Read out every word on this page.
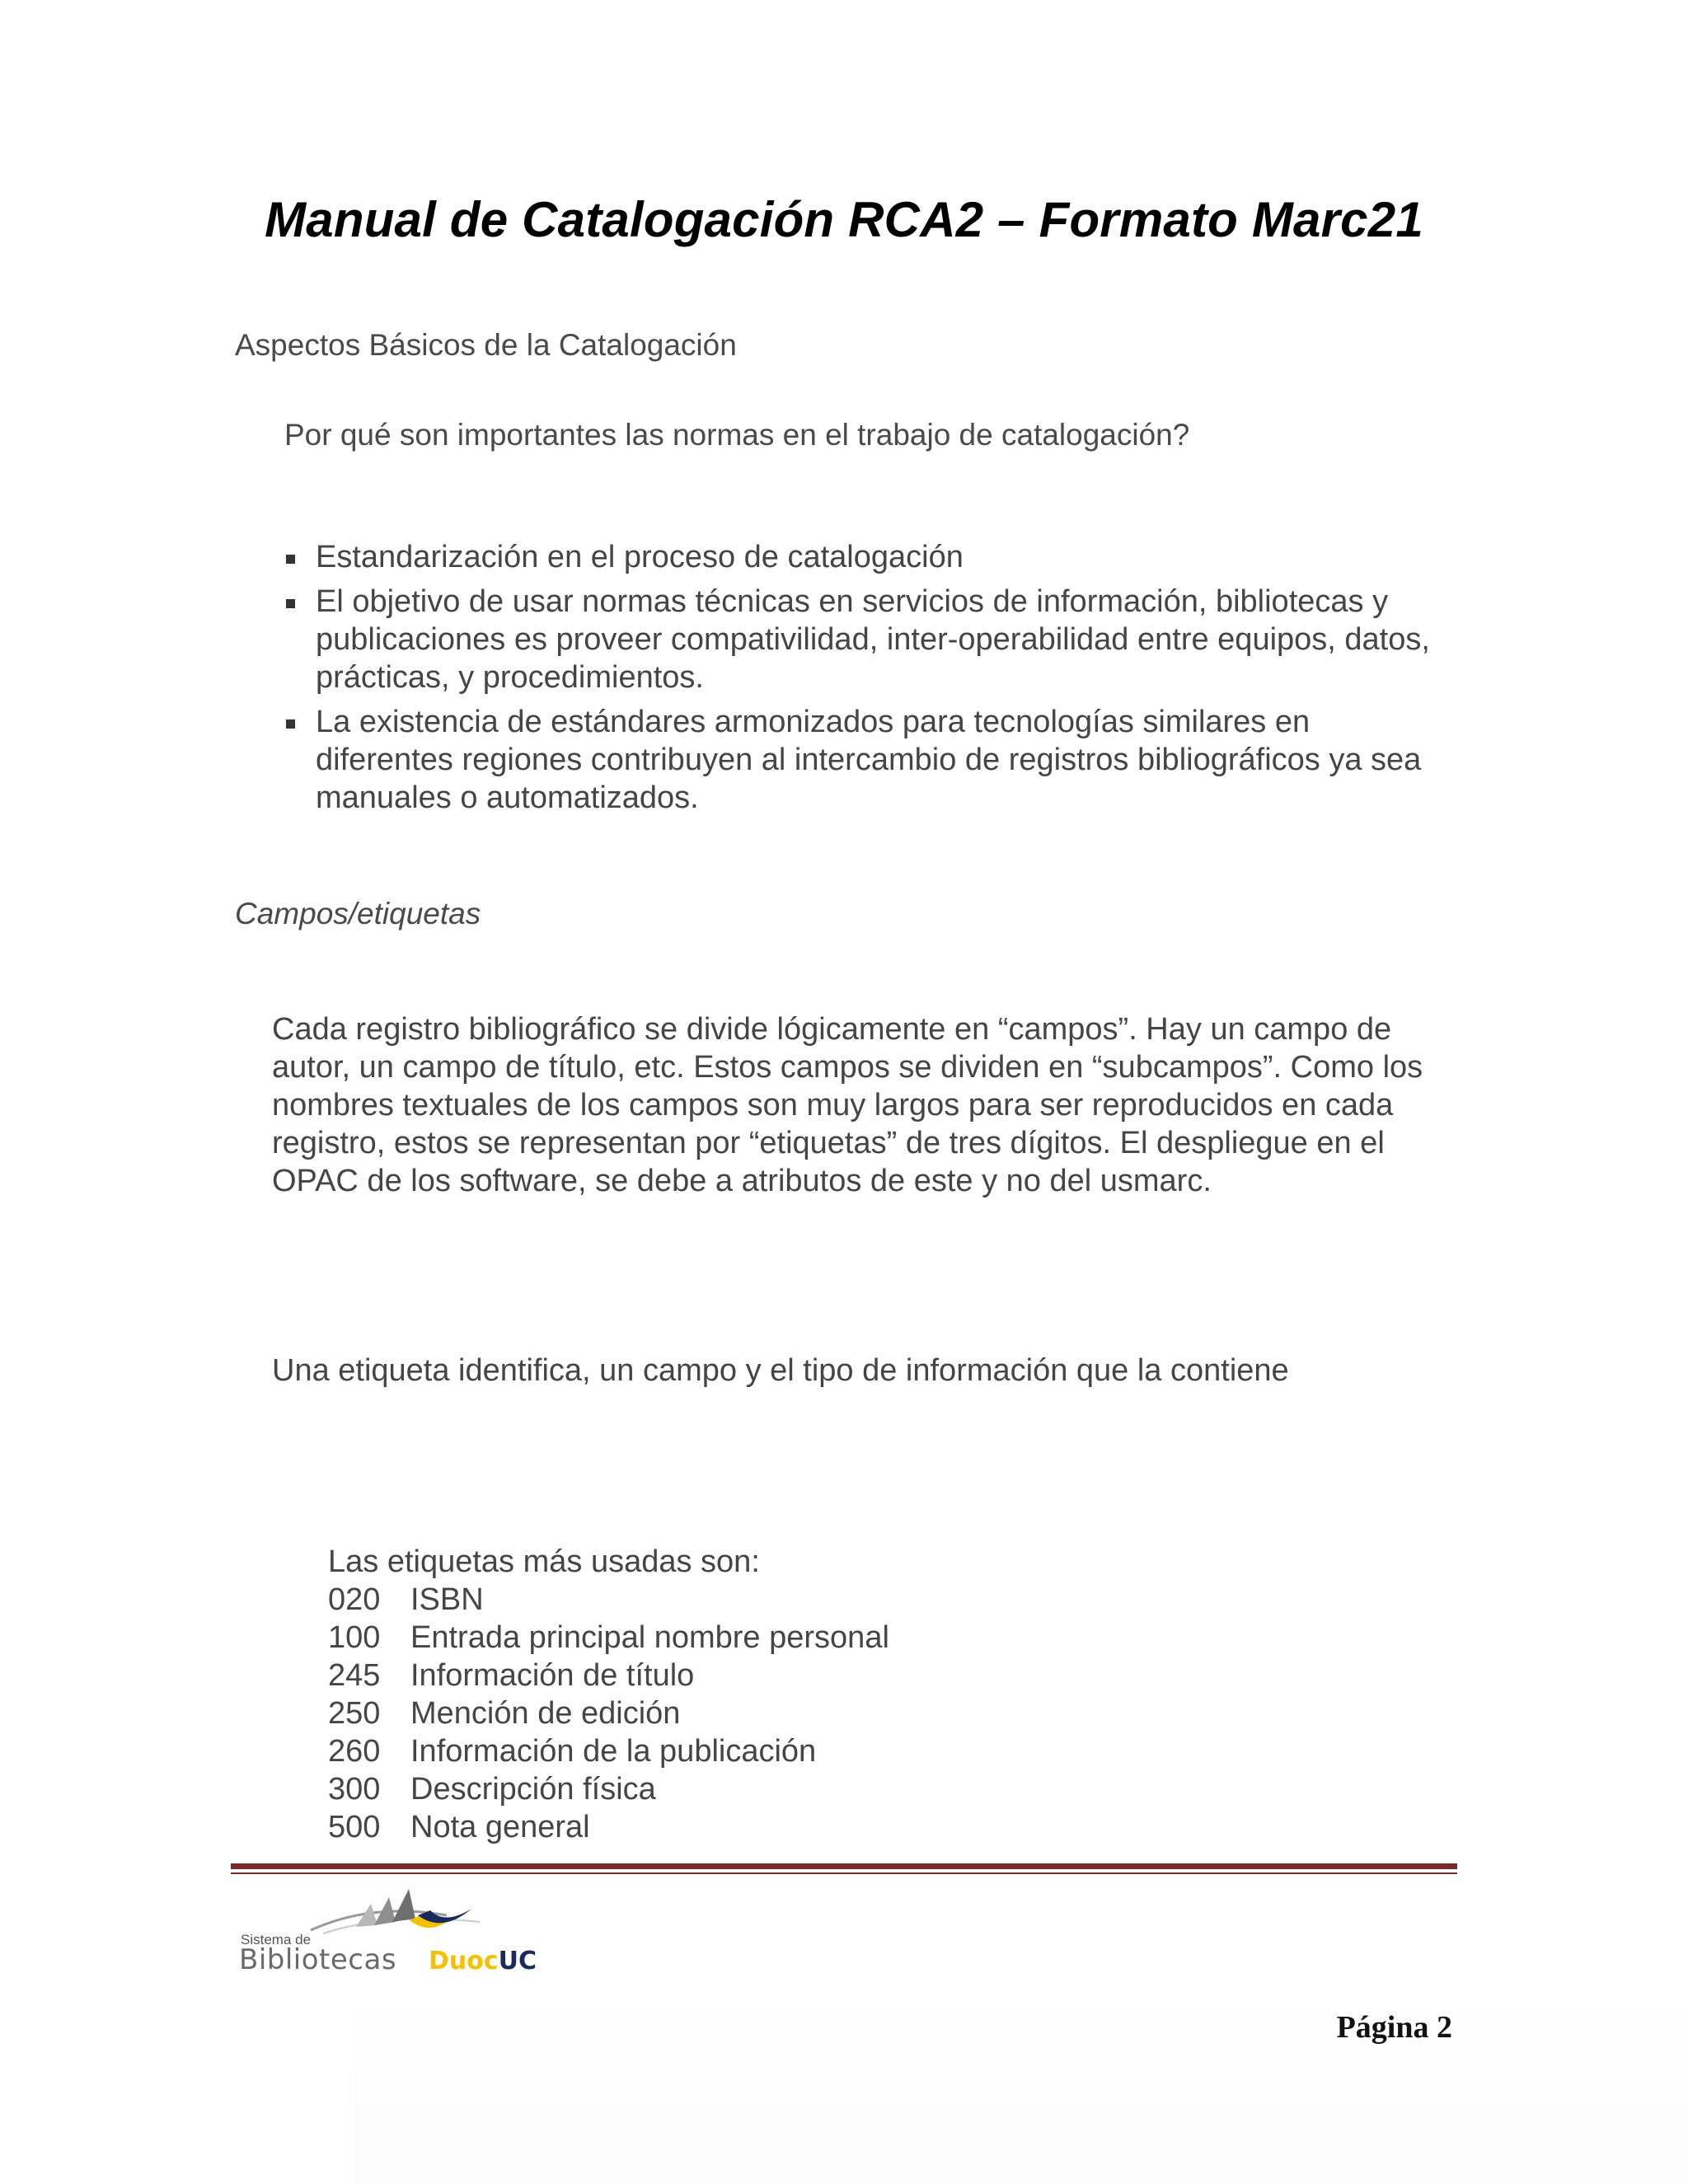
Manual de Catalogación RCA2 – Formato Marc21
Aspectos Básicos de la Catalogación
Por qué son importantes las normas en el trabajo de catalogación?
Estandarización en el proceso de catalogación
El objetivo de usar normas técnicas en servicios de información, bibliotecas y publicaciones es proveer compativilidad, inter-operabilidad entre equipos, datos, prácticas, y procedimientos.
La existencia de estándares armonizados para tecnologías similares en diferentes regiones contribuyen al intercambio de registros bibliográficos ya sea manuales o automatizados.
Campos/etiquetas
Cada registro bibliográfico se divide lógicamente en “campos”. Hay un campo de autor, un campo de título, etc. Estos campos se dividen en “subcampos”. Como los nombres textuales de los campos son muy largos para ser reproducidos en cada registro, estos se representan por “etiquetas” de tres dígitos. El despliegue en el OPAC de los software, se debe a atributos de este y no del usmarc.
Una etiqueta identifica, un campo y el tipo de información que la contiene
Las etiquetas más usadas son:
020 ISBN
100 Entrada principal nombre personal
245 Información de título
250 Mención de edición
260 Información de la publicación
300 Descripción física
500 Nota general
Sistema de
Bibliotecas DuocUC
Página 2
